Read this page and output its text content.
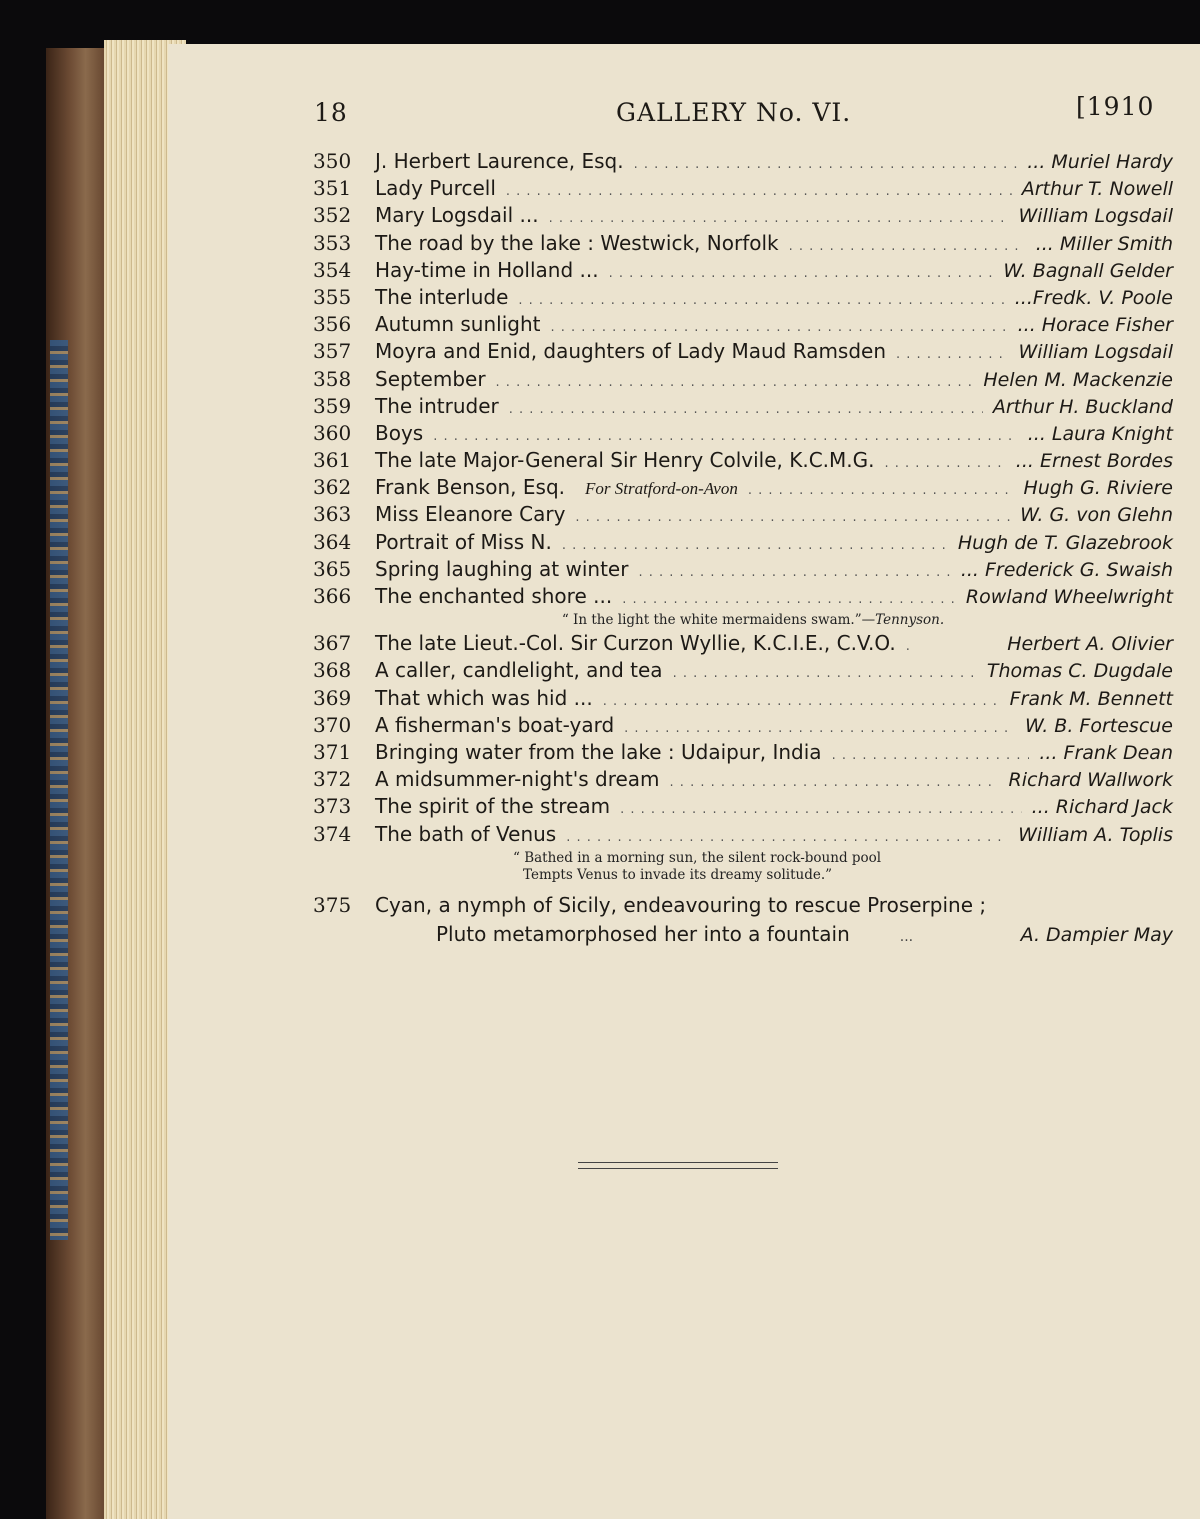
18	GALLERY No. VI.	[1910
350	J. Herbert Laurence, Esq. . . .	... Muriel Hardy
351	Lady Purcell . . .	Arthur T. Nowell
352	Mary Logsdail ... . . .	William Logsdail
353	The road by the lake : Westwick, Norfolk . . .	... Miller Smith
354	Hay-time in Holland ... . . .	W. Bagnall Gelder
355	The interlude . . .	...Fredk. V. Poole
356	Autumn sunlight . . .	... Horace Fisher
357	Moyra and Enid, daughters of Lady Maud Ramsden . . .	William Logsdail
358	September . . .	Helen M. Mackenzie
359	The intruder . . .	Arthur H. Buckland
360	Boys . . .	... Laura Knight
361	The late Major-General Sir Henry Colvile, K.C.M.G. . . .	... Ernest Bordes
362	Frank Benson, Esq. For Stratford-on-Avon . . .	Hugh G. Riviere
363	Miss Eleanore Cary . . .	W. G. von Glehn
364	Portrait of Miss N. . . .	Hugh de T. Glazebrook
365	Spring laughing at winter . . .	... Frederick G. Swaish
366	The enchanted shore ... . . .	Rowland Wheelwright
“ In the light the white mermaidens swam.”—Tennyson.
367	The late Lieut.-Col. Sir Curzon Wyllie, K.C.I.E., C.V.O. . . .	Herbert A. Olivier
368	A caller, candlelight, and tea . . .	Thomas C. Dugdale
369	That which was hid ... . . .	Frank M. Bennett
370	A fisherman's boat-yard . . .	W. B. Fortescue
371	Bringing water from the lake : Udaipur, India . . .	... Frank Dean
372	A midsummer-night's dream . . .	Richard Wallwork
373	The spirit of the stream . . .	... Richard Jack
374	The bath of Venus . . .	William A. Toplis
“ Bathed in a morning sun, the silent rock-bound pool
Tempts Venus to invade its dreamy solitude.”
375	Cyan, a nymph of Sicily, endeavouring to rescue Proserpine ;
Pluto metamorphosed her into a fountain	...	A. Dampier May
